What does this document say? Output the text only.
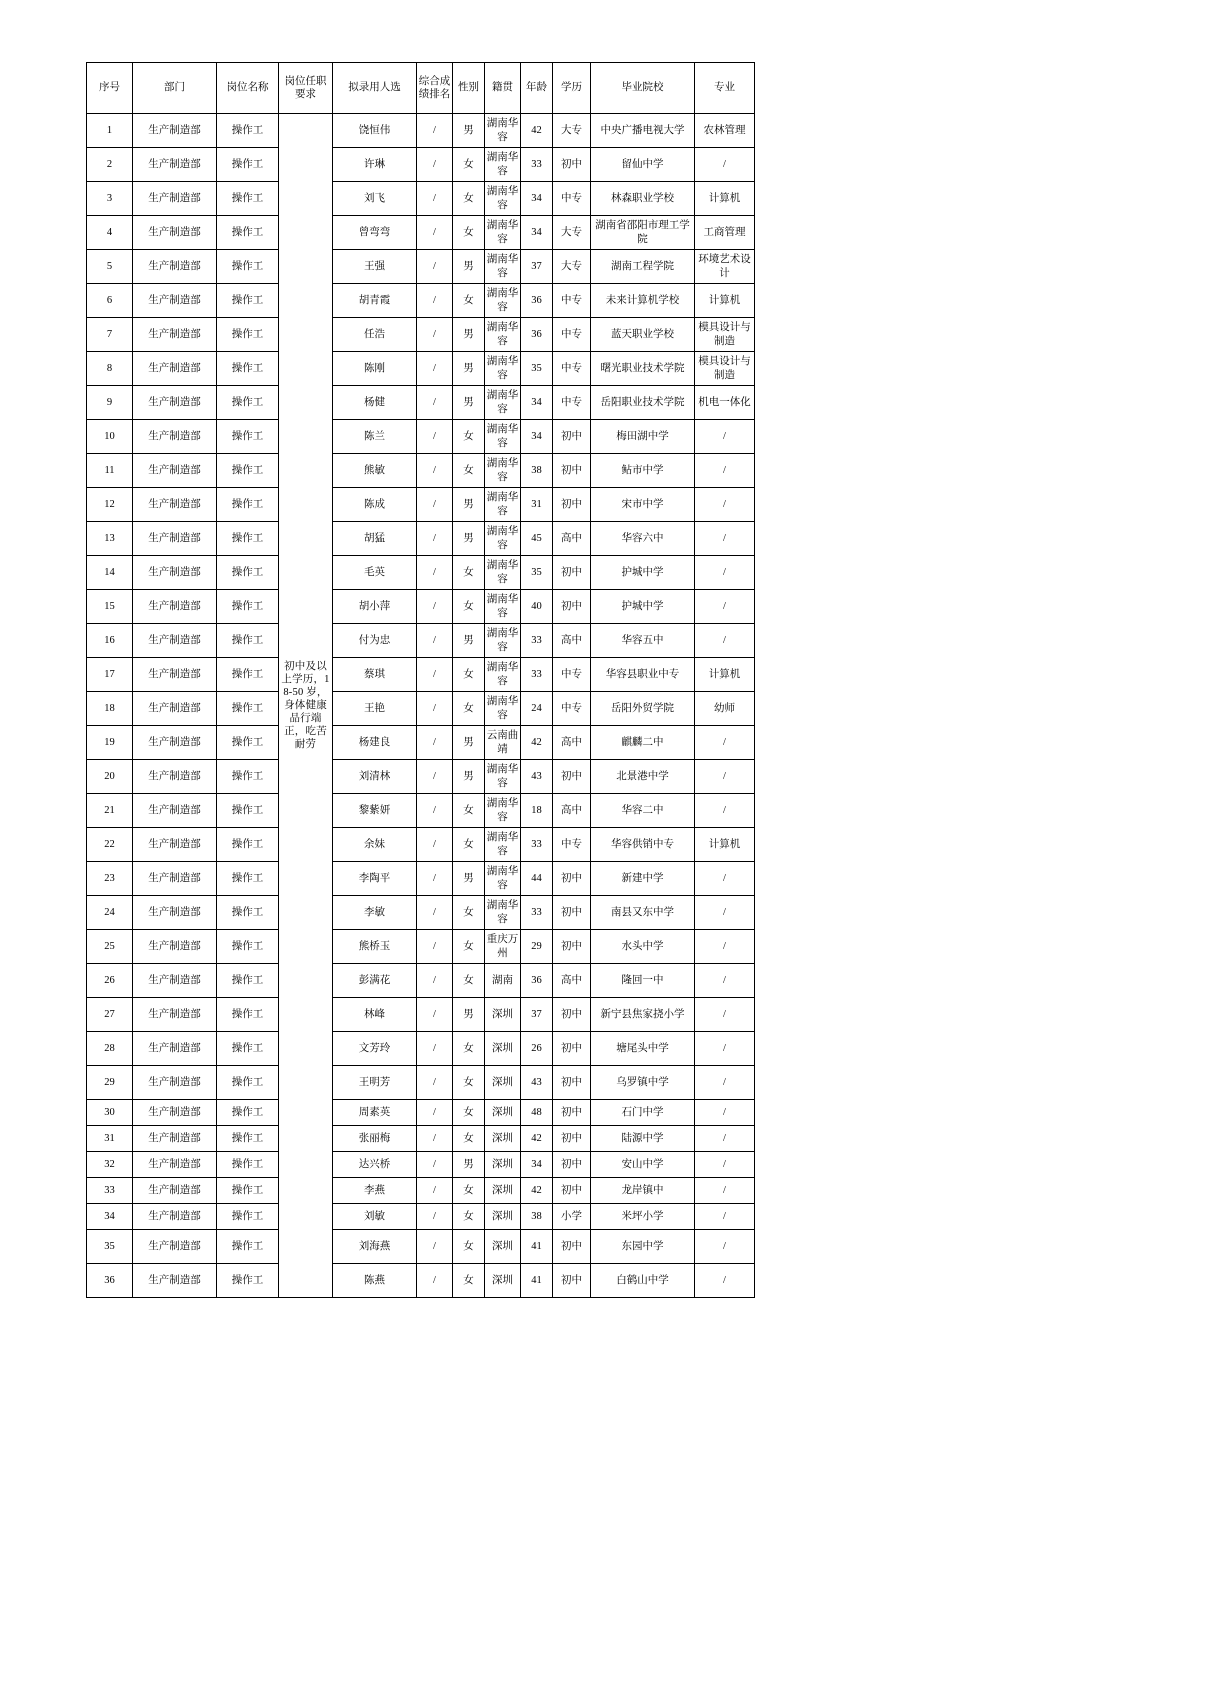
序号	部门	岗位名称	岗位任职要求	拟录用人选	综合成绩排名	性别	籍贯	年龄	学历	毕业院校	专业
1	生产制造部	操作工	初中及以上学历，18-50 岁，身体健康品行端正，吃苦耐劳	饶恒伟	/	男	湖南华容	42	大专	中央广播电视大学	农林管理
2	生产制造部	操作工		许琳	/	女	湖南华容	33	初中	留仙中学	/
3	生产制造部	操作工		刘飞	/	女	湖南华容	34	中专	林森职业学校	计算机
4	生产制造部	操作工		曾弯弯	/	女	湖南华容	34	大专	湖南省邵阳市理工学院	工商管理
5	生产制造部	操作工		王强	/	男	湖南华容	37	大专	湖南工程学院	环境艺术设计
6	生产制造部	操作工		胡青霞	/	女	湖南华容	36	中专	未来计算机学校	计算机
7	生产制造部	操作工		任浩	/	男	湖南华容	36	中专	蓝天职业学校	模具设计与制造
8	生产制造部	操作工		陈刚	/	男	湖南华容	35	中专	曙光职业技术学院	模具设计与制造
9	生产制造部	操作工		杨健	/	男	湖南华容	34	中专	岳阳职业技术学院	机电一体化
10	生产制造部	操作工		陈兰	/	女	湖南华容	34	初中	梅田湖中学	/
11	生产制造部	操作工		熊敏	/	女	湖南华容	38	初中	鲇市中学	/
12	生产制造部	操作工		陈成	/	男	湖南华容	31	初中	宋市中学	/
13	生产制造部	操作工		胡猛	/	男	湖南华容	45	高中	华容六中	/
14	生产制造部	操作工		毛英	/	女	湖南华容	35	初中	护城中学	/
15	生产制造部	操作工		胡小萍	/	女	湖南华容	40	初中	护城中学	/
16	生产制造部	操作工		付为忠	/	男	湖南华容	33	高中	华容五中	/
17	生产制造部	操作工		蔡琪	/	女	湖南华容	33	中专	华容县职业中专	计算机
18	生产制造部	操作工		王艳	/	女	湖南华容	24	中专	岳阳外贸学院	幼师
19	生产制造部	操作工		杨建良	/	男	云南曲靖	42	高中	麒麟二中	/
20	生产制造部	操作工		刘清林	/	男	湖南华容	43	初中	北景港中学	/
21	生产制造部	操作工		黎紫妍	/	女	湖南华容	18	高中	华容二中	/
22	生产制造部	操作工		余妹	/	女	湖南华容	33	中专	华容供销中专	计算机
23	生产制造部	操作工		李陶平	/	男	湖南华容	44	初中	新建中学	/
24	生产制造部	操作工		李敏	/	女	湖南华容	33	初中	南县又东中学	/
25	生产制造部	操作工		熊桥玉	/	女	重庆万州	29	初中	水头中学	/
26	生产制造部	操作工		彭满花	/	女	湖南	36	高中	隆回一中	/
27	生产制造部	操作工		林峰	/	男	深圳	37	初中	新宁县焦家挠小学	/
28	生产制造部	操作工		文芳玲	/	女	深圳	26	初中	塘尾头中学	/
29	生产制造部	操作工		王明芳	/	女	深圳	43	初中	乌罗镇中学	/
30	生产制造部	操作工		周素英	/	女	深圳	48	初中	石门中学	/
31	生产制造部	操作工		张丽梅	/	女	深圳	42	初中	陆源中学	/
32	生产制造部	操作工		达兴桥	/	男	深圳	34	初中	安山中学	/
33	生产制造部	操作工		李燕	/	女	深圳	42	初中	龙岸镇中	/
34	生产制造部	操作工		刘敏	/	女	深圳	38	小学	米坪小学	/
35	生产制造部	操作工		刘海燕	/	女	深圳	41	初中	东园中学	/
36	生产制造部	操作工		陈燕	/	女	深圳	41	初中	白鹤山中学	/
